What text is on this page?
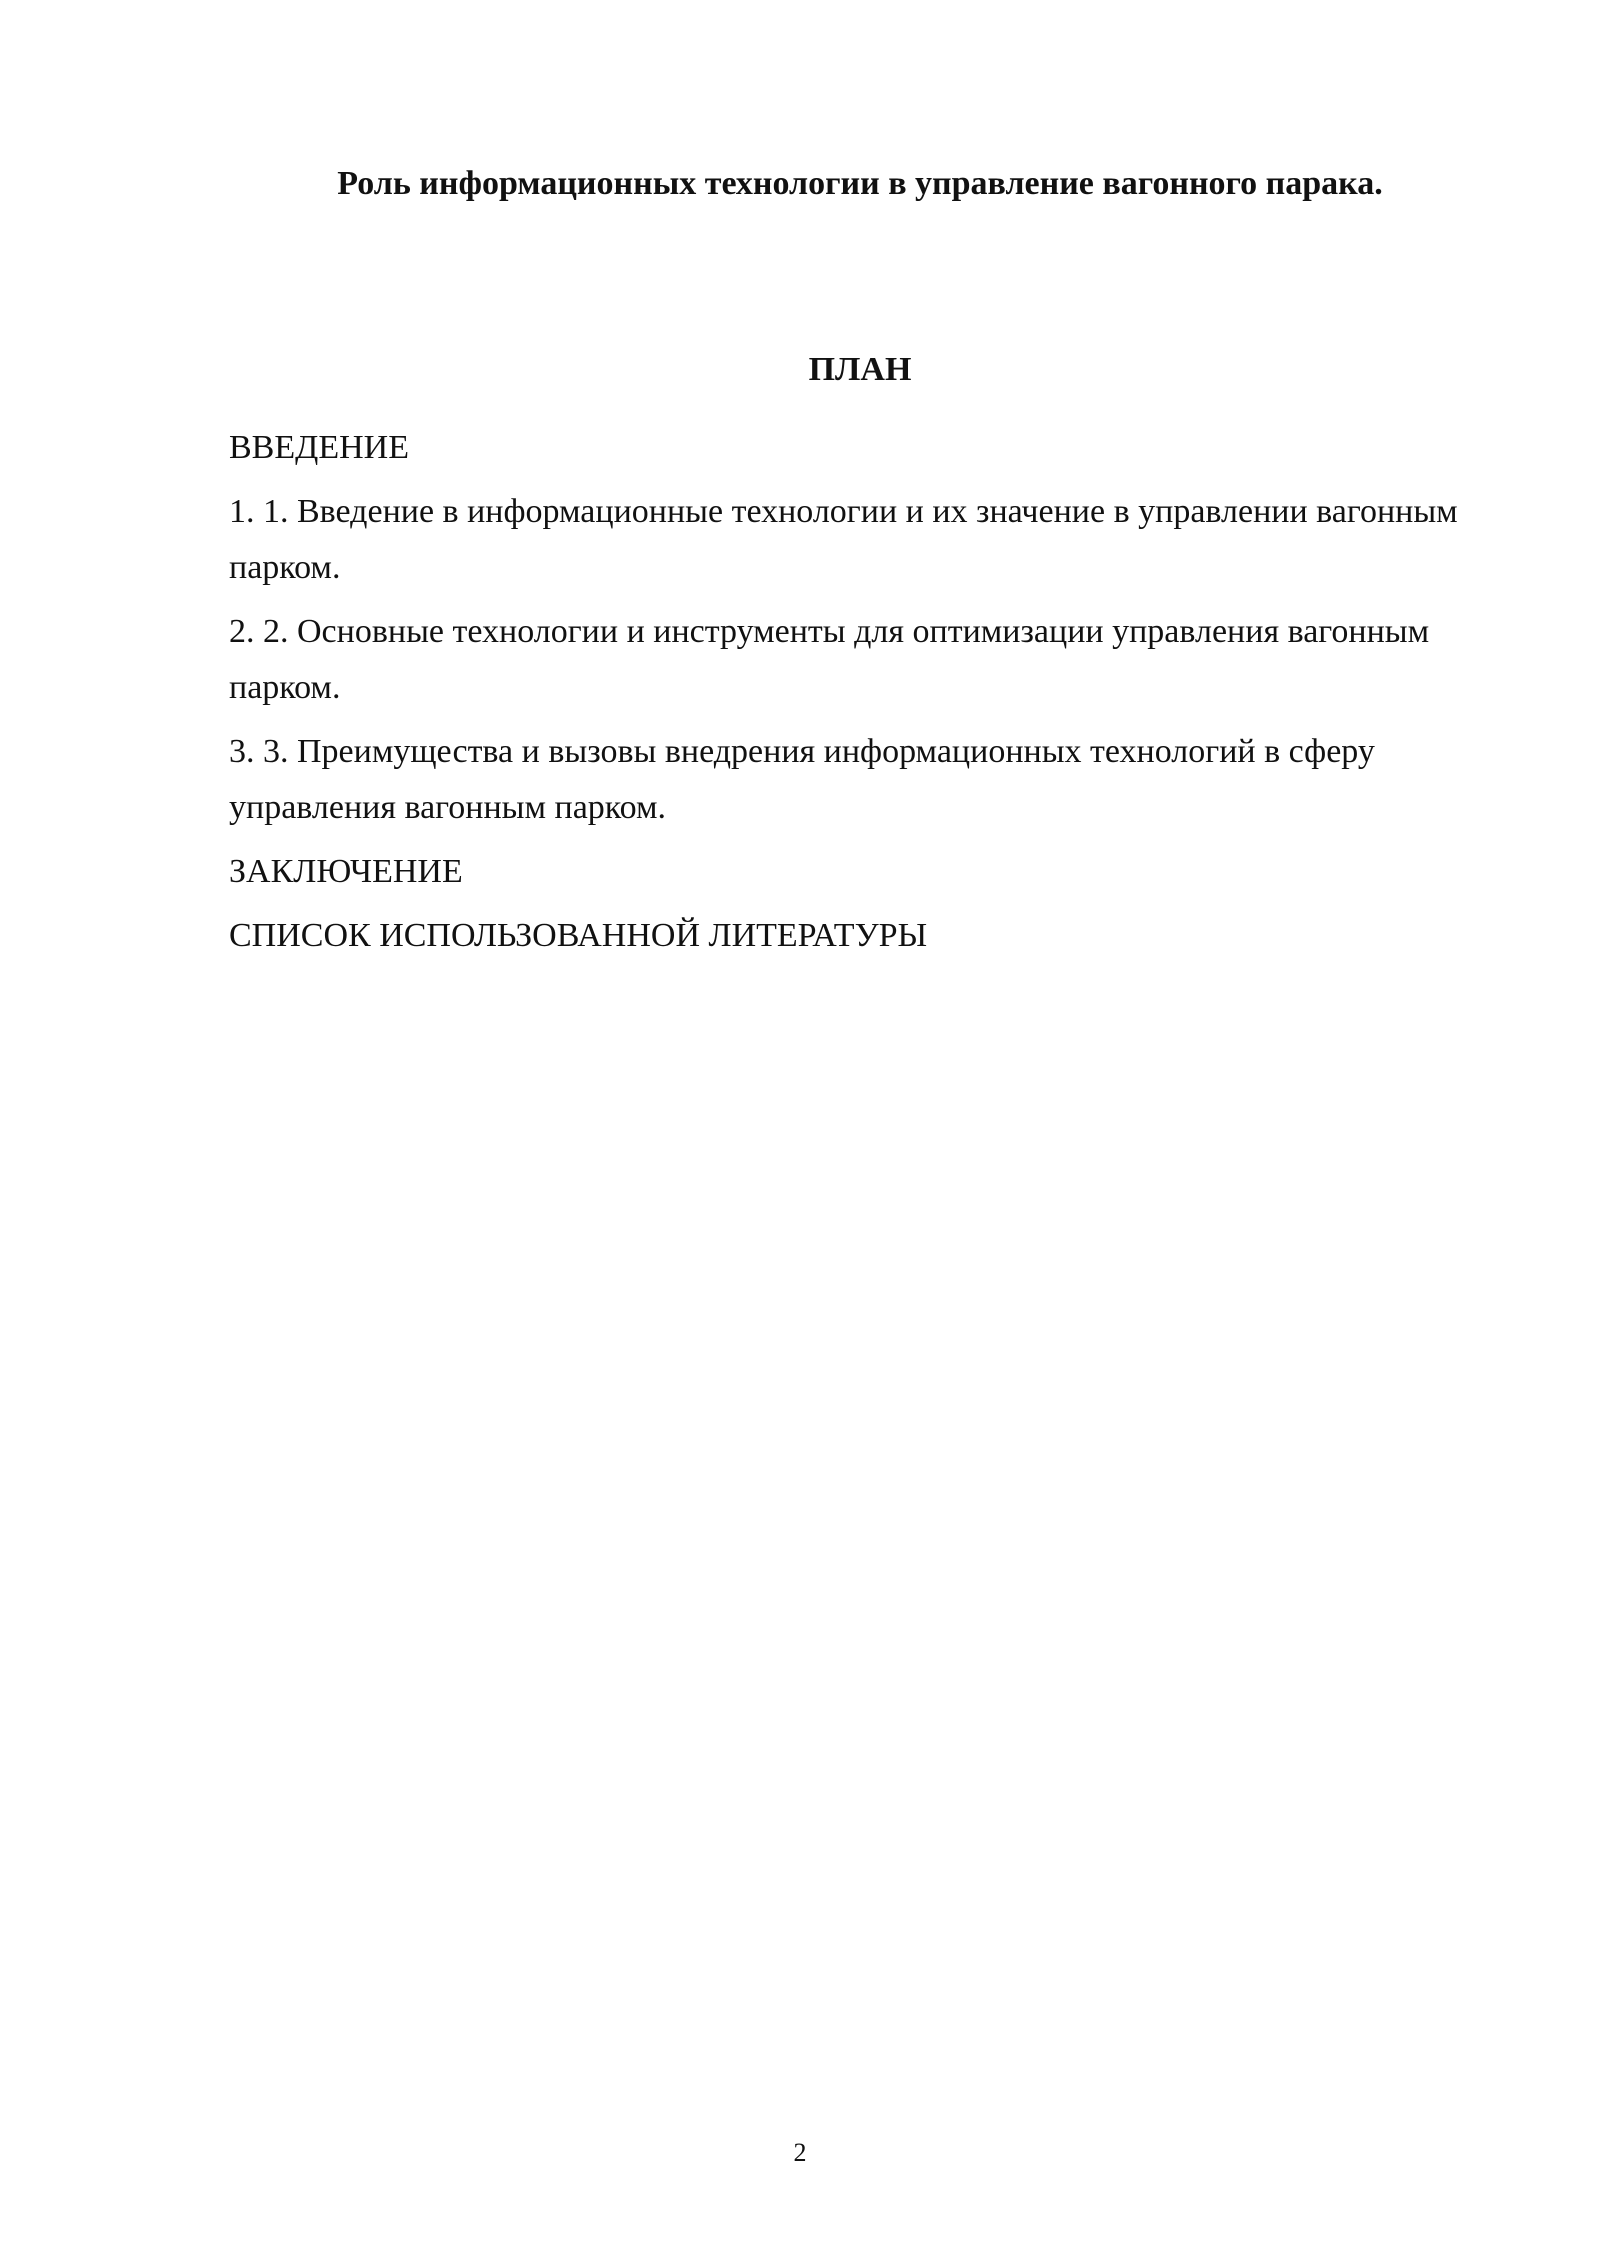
Роль информационных технологии в управление вагонного парака.
ПЛАН
ВВЕДЕНИЕ
1. 1. Введение в информационные технологии и их значение в управлении вагонным парком.
2. 2. Основные технологии и инструменты для оптимизации управления вагонным парком.
3. 3. Преимущества и вызовы внедрения информационных технологий в сферу управления вагонным парком.
ЗАКЛЮЧЕНИЕ
СПИСОК ИСПОЛЬЗОВАННОЙ ЛИТЕРАТУРЫ
2
